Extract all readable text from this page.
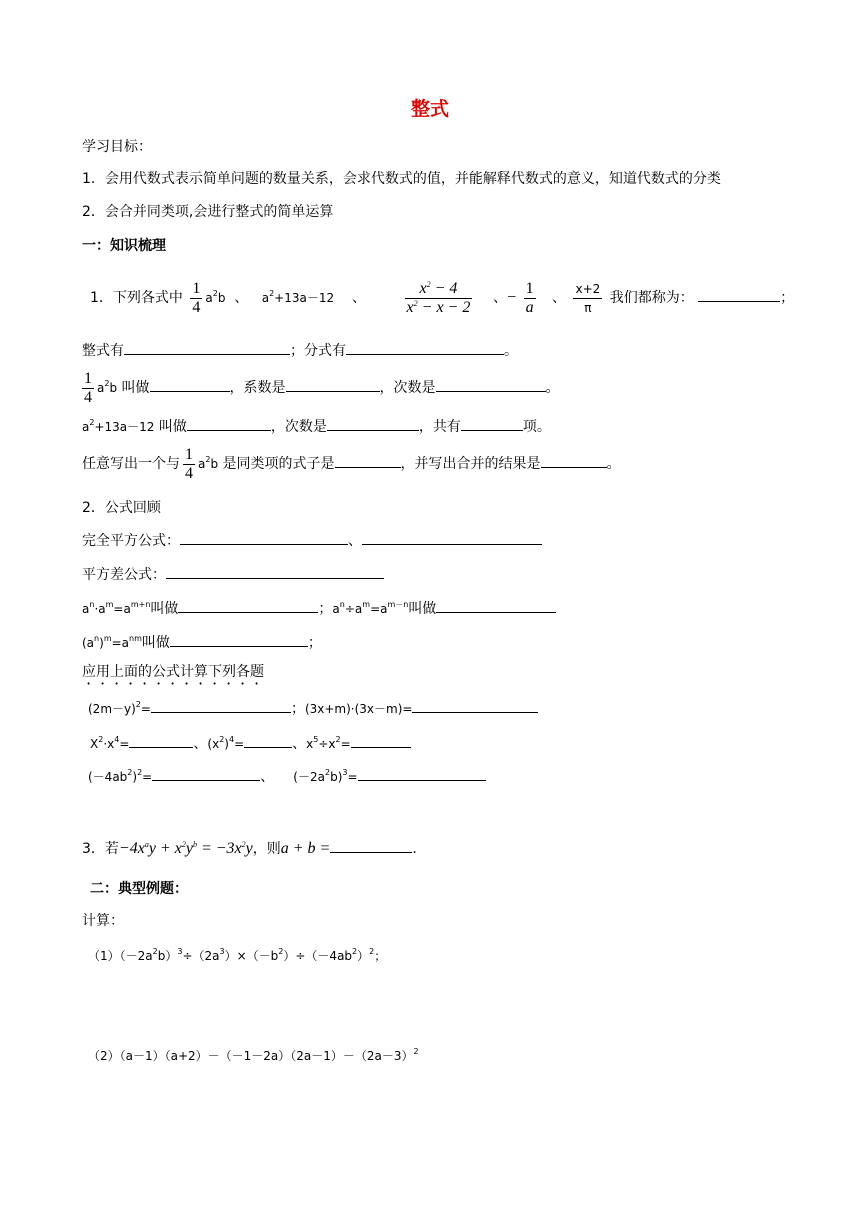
整式
学习目标：
1．会用代数式表示简单问题的数量关系，会求代数式的值，并能解释代数式的意义，知道代数式的分类
2．会合并同类项,会进行整式的简单运算
一：知识梳理
1．下列各式中 $\frac{1}{4} a^2b$ 、 $a^2+13a-12$ 、 $\frac{x^2 - 4}{x^2 - x - 2}$ 、− $\frac{1}{a}$ 、 $\frac{x+2}{\pi}$ 我们都称为：	；
整式有	；分式有	。
$\frac{1}{4} a^2b$ 叫做	，系数是	，次数是	。
$a^2+13a-12$ 叫做	，次数是	，共有	项。
任意写出一个与 $\frac{1}{4} a^2b$ 是同类项的式子是	，并写出合并的结果是	。
2．公式回顾
完全平方公式：	、
平方差公式：
$a^n\cdot a^m=a^{m+n}$叫做	；$a^n\div a^m=a^{m-n}$叫做
$(a^n)^m=a^{nm}$叫做	；
应用上面的公式计算下列各题
$(2m-y)^2=$	；(3x+m)·(3x－m)=
$X^2\cdot x^4=$	、$(x^2)^4=$	、$x^5\div x^2=$
$(-4ab^2)^2=$	、     $(-2a^2b)^3=$
3．若$-4x^ay + x^2y^b = -3x^2y$，则a + b =	.
二：典型例题：
计算：
$(1)(-2a^2b)^3\div(2a^3)\times(-b^2)\div(-4ab^2)^2$；
$(2)(a-1)(a+2)-(-1-2a)(2a-1)-(2a-3)^2$
